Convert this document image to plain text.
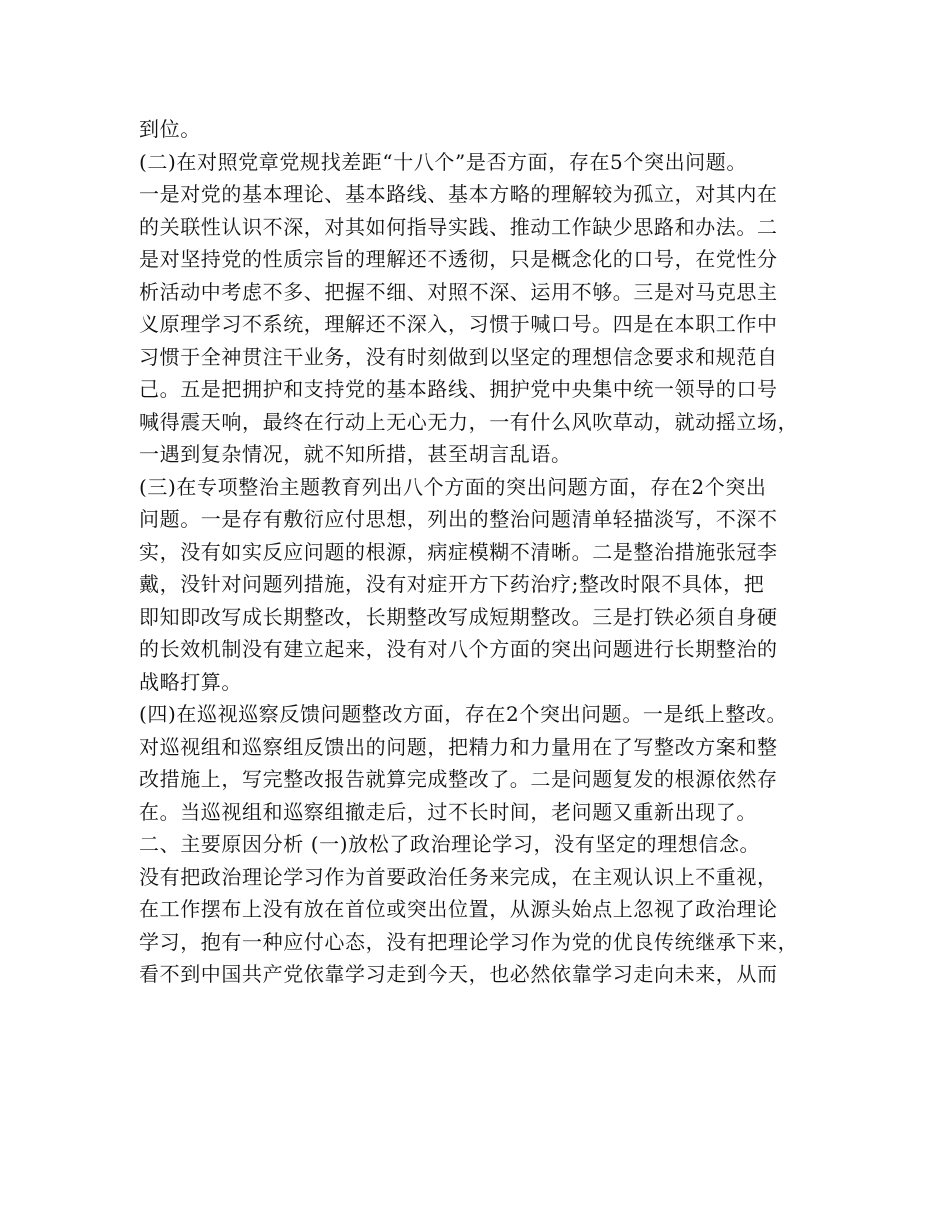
到位。
(二)在对照党章党规找差距“十八个”是否方面，存在5个突出问题。
一是对党的基本理论、基本路线、基本方略的理解较为孤立，对其内在
的关联性认识不深，对其如何指导实践、推动工作缺少思路和办法。二
是对坚持党的性质宗旨的理解还不透彻，只是概念化的口号，在党性分
析活动中考虑不多、把握不细、对照不深、运用不够。三是对马克思主
义原理学习不系统，理解还不深入，习惯于喊口号。四是在本职工作中
习惯于全神贯注干业务，没有时刻做到以坚定的理想信念要求和规范自
己。五是把拥护和支持党的基本路线、拥护党中央集中统一领导的口号
喊得震天响，最终在行动上无心无力，一有什么风吹草动，就动摇立场，
一遇到复杂情况，就不知所措，甚至胡言乱语。
(三)在专项整治主题教育列出八个方面的突出问题方面，存在2个突出
问题。一是存有敷衍应付思想，列出的整治问题清单轻描淡写，不深不
实，没有如实反应问题的根源，病症模糊不清晰。二是整治措施张冠李
戴，没针对问题列措施，没有对症开方下药治疗;整改时限不具体，把
即知即改写成长期整改，长期整改写成短期整改。三是打铁必须自身硬
的长效机制没有建立起来，没有对八个方面的突出问题进行长期整治的
战略打算。
(四)在巡视巡察反馈问题整改方面，存在2个突出问题。一是纸上整改。
对巡视组和巡察组反馈出的问题，把精力和力量用在了写整改方案和整
改措施上，写完整改报告就算完成整改了。二是问题复发的根源依然存
在。当巡视组和巡察组撤走后，过不长时间，老问题又重新出现了。
二、主要原因分析 (一)放松了政治理论学习，没有坚定的理想信念。
没有把政治理论学习作为首要政治任务来完成，在主观认识上不重视，
在工作摆布上没有放在首位或突出位置，从源头始点上忽视了政治理论
学习，抱有一种应付心态，没有把理论学习作为党的优良传统继承下来，
看不到中国共产党依靠学习走到今天，也必然依靠学习走向未来，从而
